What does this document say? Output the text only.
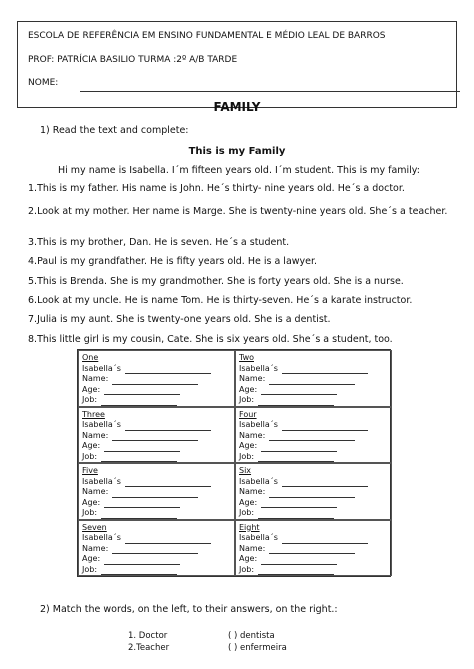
ESCOLA DE REFERÊNCIA EM ENSINO FUNDAMENTAL E MÉDIO LEAL DE BARROS
PROF: PATRÍCIA BASILIO TURMA :2º A/B TARDE
NOME:
FAMILY
1) Read the text and complete:
This is my Family
Hi my name is Isabella. I´m fifteen years old. I´m student. This is my family:
1.This is my father. His name is John. He´s thirty- nine years old. He´s a doctor.
2.Look at my mother. Her name is Marge. She is twenty-nine years old. She´s a teacher.
3.This is my brother, Dan. He is seven. He´s a student.
4.Paul is my grandfather. He is fifty years old. He is a lawyer.
5.This is Brenda. She is my grandmother. She is forty years old. She is a nurse.
6.Look at my uncle. He is name Tom. He is thirty-seven. He´s a karate instructor.
7.Julia is my aunt. She is twenty-one years old. She is a dentist.
8.This little girl is my cousin, Cate. She is six years old. She´s a student, too.
One
Isabella´s
Name:
Age:
Job:
Two
Isabella´s
Name:
Age:
Job:
Three
Isabella´s
Name:
Age:
Job:
Four
Isabella´s
Name:
Age:
Job:
Five
Isabella´s
Name:
Age:
Job:
Six
Isabella´s
Name:
Age:
Job:
Seven
Isabella´s
Name:
Age:
Job:
Eight
Isabella´s
Name:
Age:
Job:
2) Match the words, on the left, to their answers, on the right.:
1. Doctor	( ) dentista
2.Teacher	( ) enfermeira
